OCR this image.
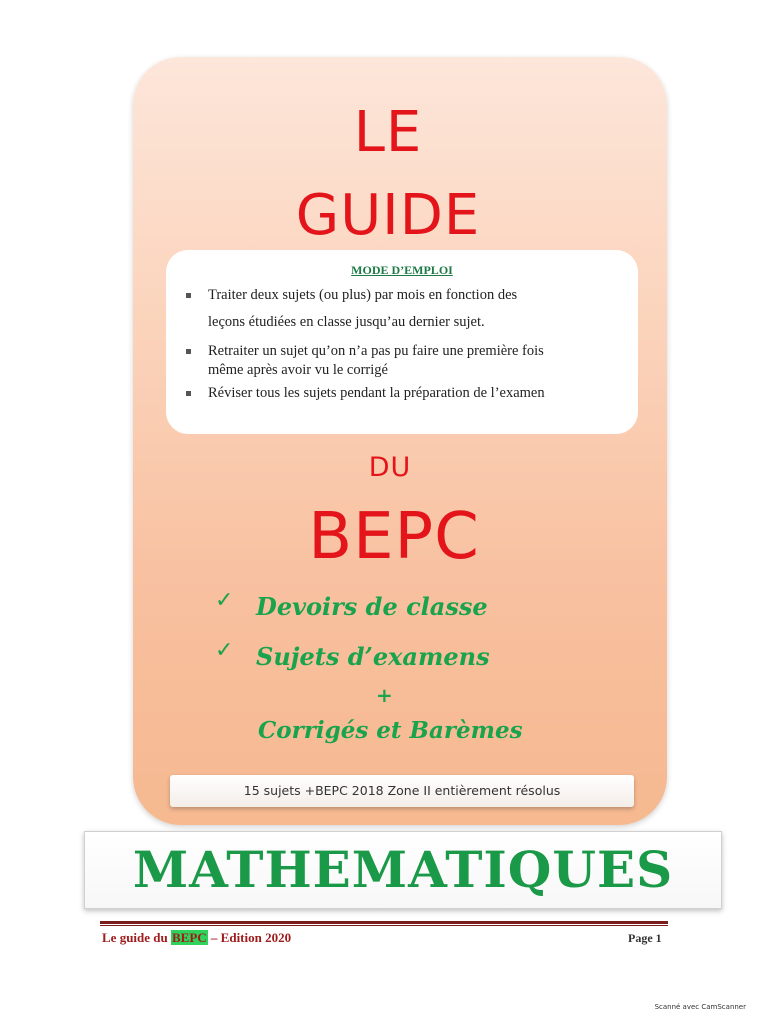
LE
GUIDE
MODE D’EMPLOI
Traiter deux sujets (ou plus) par mois en fonction des
leçons étudiées en classe jusqu’au dernier sujet.
Retraiter un sujet qu’on n’a pas pu faire une première fois
même après avoir vu le corrigé
Réviser tous les sujets pendant la préparation de l’examen
DU
BEPC
✓ Devoirs de classe
✓ Sujets d’examens
+
Corrigés et Barèmes
15 sujets +BEPC 2018 Zone II entièrement résolus
MATHEMATIQUES
Le guide du BEPC – Edition 2020	Page 1
Scanné avec CamScanner
